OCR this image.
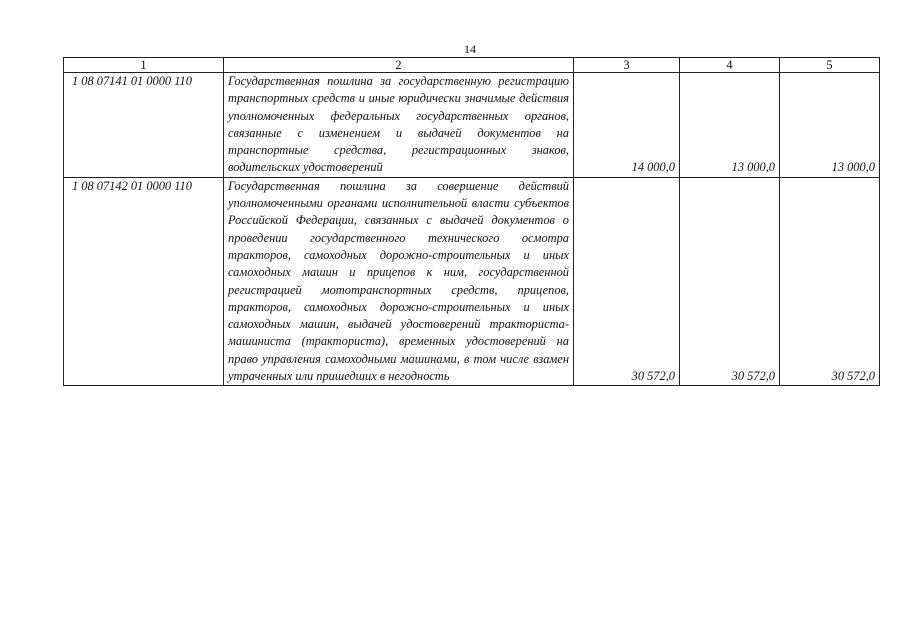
14
1	2	3	4	5
1 08 07141 01 0000 110	Государственная пошлина за государственную регистрацию транспортных средств и иные юридически значимые действия уполномоченных федеральных государственных органов, связанные с изменением и выдачей документов на транспортные средства, регистрационных знаков, водительских удостоверений	14 000,0	13 000,0	13 000,0
1 08 07142 01 0000 110	Государственная пошлина за совершение действий уполномоченными органами исполнительной власти субъектов Российской Федерации, связанных с выдачей документов о проведении государственного технического осмотра тракторов, самоходных дорожно-строительных и иных самоходных машин и прицепов к ним, государственной регистрацией мототранспортных средств, прицепов, тракторов, самоходных дорожно-строительных и иных самоходных машин, выдачей удостоверений тракториста-машиниста (тракториста), временных удостоверений на право управления самоходными машинами, в том числе взамен утраченных или пришедших в негодность	30 572,0	30 572,0	30 572,0
